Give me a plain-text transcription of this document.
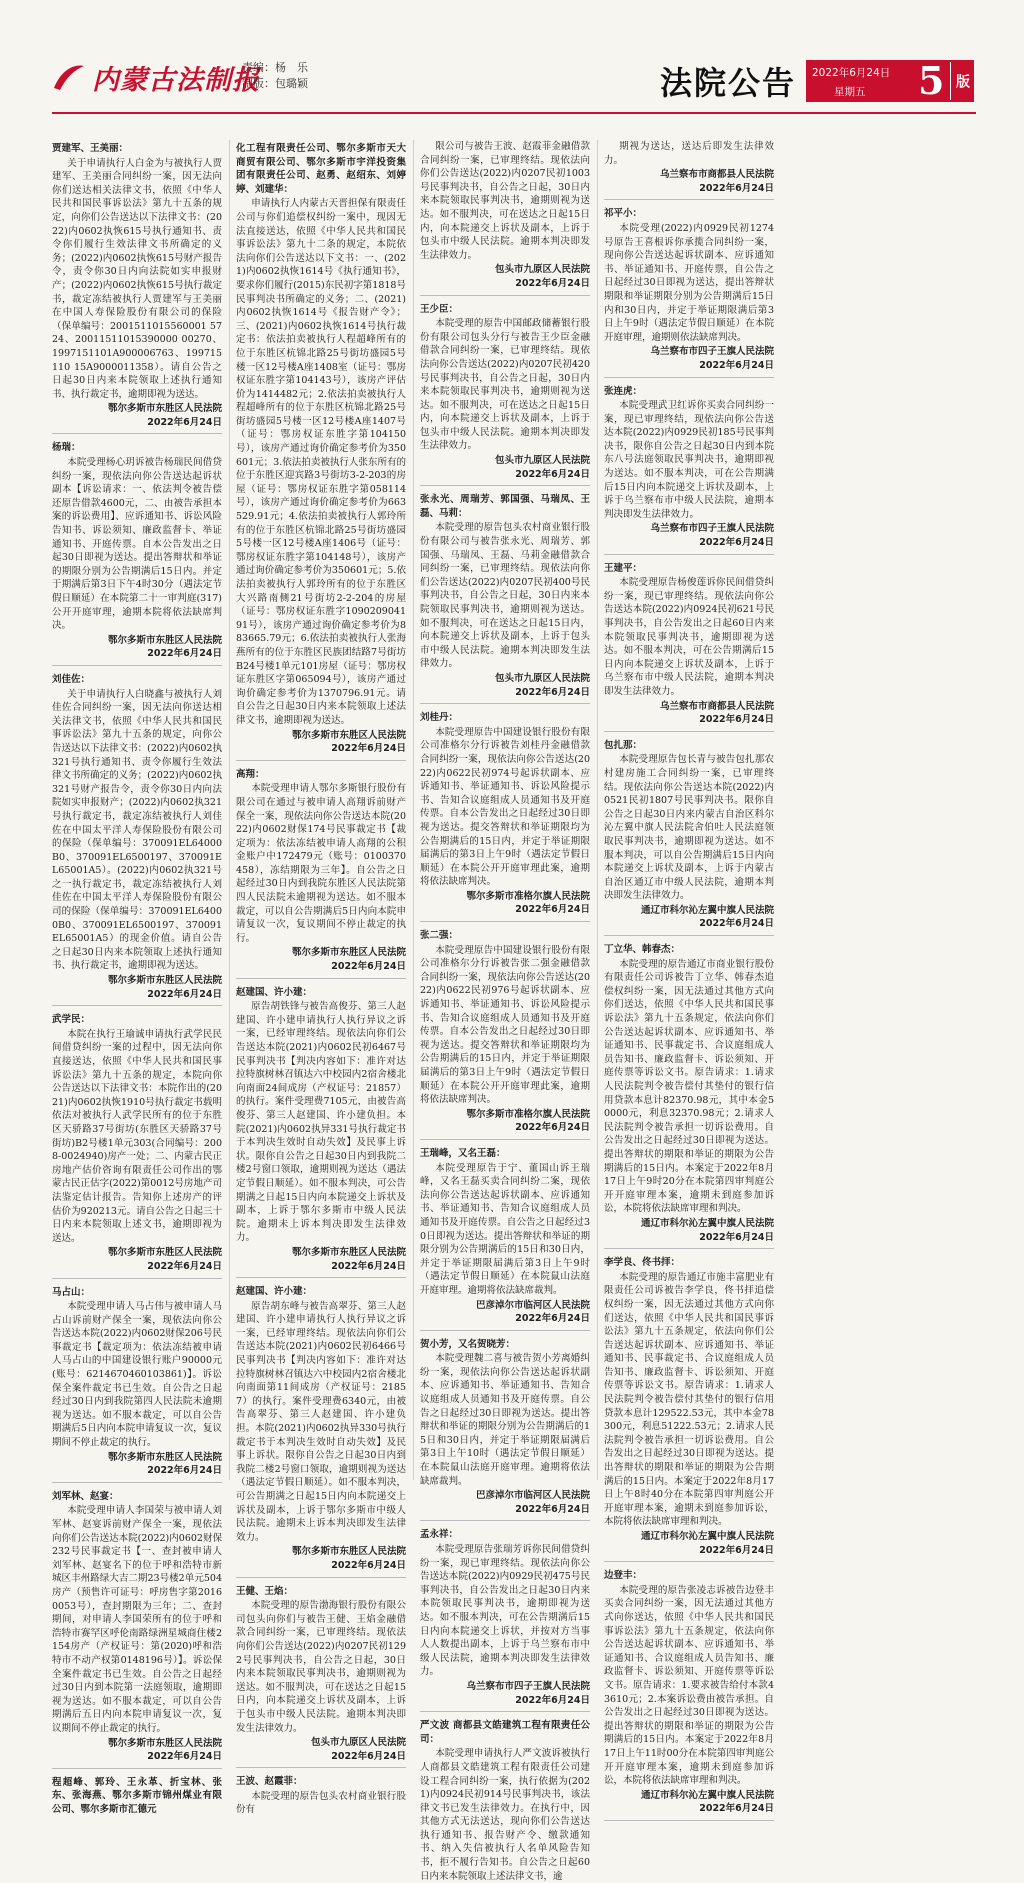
内蒙古法制报
责编：杨　乐
制版：包璐颖	法院公告 2022年6月24日
星期五 5 版

贾建军、王美丽：

关于申请执行人白金为与被执行人贾建军、王美丽合同纠纷一案，因无法向你们送达相关法律文书，依照《中华人民共和国民事诉讼法》第九十五条的规定，向你们公告送达以下法律文书：(2022)内0602执恢615号执行通知书、责令你们履行生效法律文书所确定的义务；(2022)内0602执恢615号财产报告令，责令你30日内向法院如实申报财产；(2022)内0602执恢615号执行裁定书，裁定冻结被执行人贾建军与王美丽在中国人寿保险股份有限公司的保险（保单编号：2001511015560001 5724、20011511015390000 00270、1997151101A900006763、199715110 15A9000011358）。请自公告之日起30日内来本院领取上述执行通知书、执行裁定书，逾期即视为送达。

鄂尔多斯市东胜区人民法院

2022年6月24日

杨瑞：

本院受理杨心玥诉被告杨瑞民间借贷纠纷一案，现依法向你公告送达起诉状副本【诉讼请求：一、依法判令被告偿还原告借款4600元，二、由被告承担本案的诉讼费用】、应诉通知书、诉讼风险告知书、诉讼须知、廉政监督卡、举证通知书、开庭传票。自本公告发出之日起30日即视为送达。提出答辩状和举证的期限分别为公告期满后15日内。并定于期满后第3日下午4时30分（遇法定节假日顺延）在本院第二十一审判庭(317)公开开庭审理，逾期本院将依法缺席判决。

鄂尔多斯市东胜区人民法院

2022年6月24日

刘佳佐：

关于申请执行人白晓鑫与被执行人刘佳佐合同纠纷一案，因无法向你送达相关法律文书，依照《中华人民共和国民事诉讼法》第九十五条的规定，向你公告送达以下法律文书：(2022)内0602执321号执行通知书、责令你履行生效法律文书所确定的义务；(2022)内0602执321号财产报告令，责令你30日内向法院如实申报财产；(2022)内0602执321号执行裁定书，裁定冻结被执行人刘佳佐在中国太平洋人寿保险股份有限公司的保险（保单编号：370091EL64000B0、370091EL6500197、370091EL65001A5）。(2022)内0602执321号之一执行裁定书，裁定冻结被执行人刘佳佐在中国太平洋人寿保险股份有限公司的保险（保单编号：370091EL64000B0、370091EL6500197、370091EL65001A5）的现金价值。请自公告之日起30日内来本院领取上述执行通知书、执行裁定书，逾期即视为送达。

鄂尔多斯市东胜区人民法院

2022年6月24日

武学民：

本院在执行王瑜诚申请执行武学民民间借贷纠纷一案的过程中，因无法向你直接送达，依照《中华人民共和国民事诉讼法》第九十五条的规定，本院向你公告送达以下法律文书：本院作出的(2021)内0602执恢1910号执行裁定书载明依法对被执行人武学民所有的位于东胜区天骄路37号街坊(东胜区天骄路37号街坊)B2号楼1单元303(合同编号：2008-0024940)房产一处；二、内蒙古民正房地产估价咨询有限责任公司作出的鄂蒙古民正估字(2022)第0012号房地产司法鉴定估计报告。告知你上述房产的评估价为920213元。请自公告之日起三十日内来本院领取上述文书，逾期即视为送达。

鄂尔多斯市东胜区人民法院

2022年6月24日

马占山：

本院受理申请人马占伟与被申请人马占山诉前财产保全一案，现依法向你公告送达本院(2022)内0602财保206号民事裁定书【裁定项为：依法冻结被申请人马占山的中国建设银行账户90000元(账号：6214670460103861)】。诉讼保全案件裁定书已生效。自公告之日起经过30日内到我院第四人民法院未逾期视为送达。如不服本裁定，可以自公告期满后5日内向本院申请复议一次，复议期间不停止裁定的执行。

鄂尔多斯市东胜区人民法院

2022年6月24日

刘军林、赵宴：

本院受理申请人李国荣与被申请人刘军林、赵宴诉前财产保全一案，现依法向你们公告送达本院(2022)内0602财保232号民事裁定书【一、查封被申请人刘军林、赵宴名下的位于呼和浩特市新城区丰州路绿大吉二期23号楼2单元504房产（预售许可证号：呼房售字第20160053号），查封期限为三年；二、查封期间，对申请人李国荣所有的位于呼和浩特市赛罕区呼伦南路绿洲星城商住楼2154房产（产权证号：第(2020)呼和浩特市不动产权第0148196号）】。诉讼保全案件裁定书已生效。自公告之日起经过30日内到本院第一法庭领取，逾期即视为送达。如不服本裁定，可以自公告期满后五日内向本院申请复议一次，复议期间不停止裁定的执行。

鄂尔多斯市东胜区人民法院

2022年6月24日

程超峰、郭玲、王永革、折宝林、张东、张海燕、鄂尔多斯市锦州煤业有限公司、鄂尔多斯市汇德元

化工程有限责任公司、鄂尔多斯市天大商贸有限公司、鄂尔多斯市宇洋投资集团有限责任公司、赵勇、赵绍东、刘婷婷、刘建华：

申请执行人内蒙古天晋担保有限责任公司与你们追偿权纠纷一案中，现因无法直接送达，依照《中华人民共和国民事诉讼法》第九十二条的规定，本院依法向你们公告送达以下文书：一、(2021)内0602执恢1614号《执行通知书》，要求你们履行(2015)东民初字第1818号民事判决书所确定的义务；二、(2021)内0602执恢1614号《报告财产令》；三、(2021)内0602执恢1614号执行裁定书：依法拍卖被执行人程超峰所有的位于东胜区杭锦北路25号街坊盛园5号楼一区12号楼A座1408室（证号：鄂房权证东胜字第104143号），该房产评估价为1414482元；2.依法拍卖被执行人程超峰所有的位于东胜区杭锦北路25号街坊盛园5号楼一区12号楼A座1407号（证号：鄂房权证东胜字第104150号），该房产通过询价确定参考价为350601元；3.依法拍卖被执行人张东所有的位于东胜区迎宾路3号街坊3-2-203的房屋（证号：鄂房权证东胜字第058114号），该房产通过询价确定参考价为663529.91元；4.依法拍卖被执行人郭玲所有的位于东胜区杭锦北路25号街坊盛园5号楼一区12号楼A座1406号（证号：鄂房权证东胜字第104148号），该房产通过询价确定参考价为350601元；5.依法拍卖被执行人郭玲所有的位于东胜区大兴路南侧21号街坊2-2-204的房屋（证号：鄂房权证东胜字109020904191号），该房产通过询价确定参考价为883665.79元；6.依法拍卖被执行人张海燕所有的位于东胜区民族团结路7号街坊B24号楼1单元101房屋（证号：鄂房权证东胜区字第065094号），该房产通过询价确定参考价为1370796.91元。请自公告之日起30日内来本院领取上述法律文书，逾期即视为送达。

鄂尔多斯市东胜区人民法院

2022年6月24日

高翔：

本院受理申请人鄂尔多斯银行股份有限公司在通过与被申请人高翔诉前财产保全一案，现依法向你公告送达本院(2022)内0602财保174号民事裁定书【裁定项为：依法冻结被申请人高翔的公积金账户中172479元（账号：0100370458），冻结期限为三年】。自公告之日起经过30日内到我院东胜区人民法院第四人民法院未逾期视为送达。如不服本裁定，可以自公告期满后5日内向本院申请复议一次，复议期间不停止裁定的执行。

鄂尔多斯市东胜区人民法院

2022年6月24日

赵建国、许小建：

原告胡铁锋与被告高俊芬、第三人赵建国、许小建申请执行人执行异议之诉一案，已经审理终结。现依法向你们公告送达本院(2021)内0602民初6467号民事判决书【判决内容如下：准许对达拉特旗树林召镇达六中校园内2宿舍楼北向南面24间成房（产权证号：21857）的执行。案件受理费7105元，由被告高俊芬、第三人赵建国、许小建负担。本院(2021)内0602执异331号执行裁定书于本判决生效时自动失效】及民事上诉状。限你自公告之日起30日内到我院二楼2号窗口领取，逾期则视为送达（遇法定节假日顺延）。如不服本判决，可公告期满之日起15日内向本院递交上诉状及副本，上诉于鄂尔多斯市中级人民法院。逾期未上诉本判决即发生法律效力。

鄂尔多斯市东胜区人民法院

2022年6月24日

赵建国、许小建：

原告胡东峰与被告高翠芬、第三人赵建国、许小建申请执行人执行异议之诉一案，已经审理终结。现依法向你们公告送达本院(2021)内0602民初6466号民事判决书【判决内容如下：准许对达拉特旗树林召镇达六中校园内2宿舍楼北向南面第11间成房（产权证号：21857）的执行。案件受理费6340元，由被告高翠芬、第三人赵建国、许小建负担。本院(2021)内0602执异330号执行裁定书于本判决生效时自动失效】及民事上诉状。限你自公告之日起30日内到我院二楼2号窗口领取，逾期则视为送达（遇法定节假日顺延）。如不服本判决，可公告期满之日起15日内向本院递交上诉状及副本，上诉于鄂尔多斯市中级人民法院。逾期未上诉本判决即发生法律效力。

鄂尔多斯市东胜区人民法院

2022年6月24日

王健、王焰：

本院受理的原告渤海银行股份有限公司包头向你们与被告王健、王焰金融借款合同纠纷一案，已审理终结。现依法向你们公告送达(2022)内0207民初1292号民事判决书，自公告之日起，30日内来本院领取民事判决书，逾期则视为送达。如不服判决，可在送达之日起15日内，向本院递交上诉状及副本，上诉于包头市中级人民法院。逾期本判决即发生法律效力。

包头市九原区人民法院

2022年6月24日

王波、赵霞菲：

本院受理的原告包头农村商业银行股份有

限公司与被告王波、赵霞菲金融借款合同纠纷一案，已审理终结。现依法向你们公告送达(2022)内0207民初1003号民事判决书，自公告之日起，30日内来本院领取民事判决书，逾期则视为送达。如不服判决，可在送达之日起15日内，向本院递交上诉状及副本，上诉于包头市中级人民法院。逾期本判决即发生法律效力。

包头市九原区人民法院

2022年6月24日

王少臣：

本院受理的原告中国邮政储蓄银行股份有限公司包头分行与被告王少臣金融借款合同纠纷一案，已审理终结。现依法向你公告送达(2022)内0207民初420号民事判决书，自公告之日起，30日内来本院领取民事判决书，逾期则视为送达。如不服判决，可在送达之日起15日内，向本院递交上诉状及副本，上诉于包头市中级人民法院。逾期本判决即发生法律效力。

包头市九原区人民法院

2022年6月24日

张永光、周瑞芳、郭国强、马瑞凤、王磊、马莉：

本院受理的原告包头农村商业银行股份有限公司与被告张永光、周瑞芳、郭国强、马瑞凤、王磊、马莉金融借款合同纠纷一案，已审理终结。现依法向你们公告送达(2022)内0207民初400号民事判决书，自公告之日起，30日内来本院领取民事判决书，逾期则视为送达。如不服判决，可在送达之日起15日内，向本院递交上诉状及副本，上诉于包头市中级人民法院。逾期本判决即发生法律效力。

包头市九原区人民法院

2022年6月24日

刘桂丹：

本院受理原告中国建设银行股份有限公司准格尔分行诉被告刘桂丹金融借款合同纠纷一案，现依法向你公告送达(2022)内0622民初974号起诉状副本、应诉通知书、举证通知书、诉讼风险提示书、告知合议庭组成人员通知书及开庭传票。自本公告发出之日起经过30日即视为送达。提交答辩状和举证期限均为公告期满后的15日内，并定于举证期限届满后的第3日上午9时（遇法定节假日顺延）在本院公开开庭审理此案，逾期将依法缺席判决。

鄂尔多斯市准格尔旗人民法院

2022年6月24日

张二强：

本院受理原告中国建设银行股份有限公司准格尔分行诉被告张二强金融借款合同纠纷一案，现依法向你公告送达(2022)内0622民初976号起诉状副本、应诉通知书、举证通知书、诉讼风险提示书、告知合议庭组成人员通知书及开庭传票。自本公告发出之日起经过30日即视为送达。提交答辩状和举证期限均为公告期满后的15日内，并定于举证期限届满后的第3日上午9时（遇法定节假日顺延）在本院公开开庭审理此案，逾期将依法缺席判决。

鄂尔多斯市准格尔旗人民法院

2022年6月24日

王瑞峰，又名王磊：

本院受理原告于宁、董国山诉王瑞峰，又名王磊买卖合同纠纷二案，现依法向你公告送达起诉状副本、应诉通知书、举证通知书、告知合议庭组成人员通知书及开庭传票。自公告之日起经过30日即视为送达。提出答辩状和举证的期限分别为公告期满后的15日和30日内，并定于举证期限届满后第3日上午9时（遇法定节假日顺延）在本院鼠山法庭开庭审理。逾期将依法缺席裁判。

巴彦淖尔市临河区人民法院

2022年6月24日

贺小芳，又名贺晓芳：

本院受理魏二喜与被告贺小芳离婚纠纷一案，现依法向你公告送达起诉状副本、应诉通知书、举证通知书、告知合议庭组成人员通知书及开庭传票。自公告之日起经过30日即视为送达。提出答辩状和举证的期限分别为公告期满后的15日和30日内，并定于举证期限届满后第3日上午10时（遇法定节假日顺延）在本院鼠山法庭开庭审理。逾期将依法缺席裁判。

巴彦淖尔市临河区人民法院

2022年6月24日

孟永祥：

本院受理原告张瑞芳诉你民间借贷纠纷一案，现已审理终结。现依法向你公告送达本院(2022)内0929民初475号民事判决书，自公告发出之日起30日内来本院领取民事判决书，逾期即视为送达。如不服本判决，可在公告期满后15日内向本院递交上诉状，并按对方当事人人数提出副本，上诉于乌兰察布市中级人民法院，逾期本判决即发生法律效力。

乌兰察布市四子王旗人民法院

2022年6月24日

严文波 商都县文皓建筑工程有限责任公司：

本院受理申请执行人严文波诉被执行人商都县文皓建筑工程有限责任公司建设工程合同纠纷一案，执行依据为(2021)内0924民初914号民事判决书，该法律文书已发生法律效力。在执行中，因其他方式无法送达，现向你们公告送达执行通知书、报告财产令、缴款通知书、纳入失信被执行人名单风险告知书，拒不履行告知书。自公告之日起60日内来本院领取上述法律文书，逾

期视为送达，送达后即发生法律效力。

乌兰察布市商都县人民法院

2022年6月24日

祁平小：

本院受理(2022)内0929民初1274号原告王喜根诉你承揽合同纠纷一案，现向你公告送达起诉状副本、应诉通知书、举证通知书、开庭传票，自公告之日起经过30日即视为送达，提出答辩状期限和举证期限分别为公告期满后15日内和30日内，并定于举证期限满后第3日上午9时（遇法定节假日顺延）在本院开庭审理，逾期则依法缺席判决。

乌兰察布市四子王旗人民法院

2022年6月24日

张连虎：

本院受理武卫红诉你买卖合同纠纷一案，现已审理终结，现依法向你公告送达本院(2022)内0929民初185号民事判决书，限你自公告之日起30日内到本院东八号法庭领取民事判决书，逾期即视为送达。如不服本判决，可在公告期满后15日内向本院递交上诉状及副本，上诉于乌兰察布市中级人民法院，逾期本判决即发生法律效力。

乌兰察布市四子王旗人民法院

2022年6月24日

王建平：

本院受理原告杨俊莲诉你民间借贷纠纷一案，现已审理终结。现依法向你公告送达本院(2022)内0924民初621号民事判决书，自公告发出之日起60日内来本院领取民事判决书，逾期即视为送达。如不服本判决，可在公告期满后15日内向本院递交上诉状及副本，上诉于乌兰察布市中级人民法院，逾期本判决即发生法律效力。

乌兰察布市商都县人民法院

2022年6月24日

包扎那：

本院受理原告包长青与被告包扎那农村建房施工合同纠纷一案，已审理终结。现依法向你公告送达本院(2022)内0521民初1807号民事判决书。限你自公告之日起30日内来内蒙古自治区科尔沁左翼中旗人民法院舍伯吐人民法庭领取民事判决书，逾期即视为送达。如不服本判决，可以自公告期满后15日内向本院递交上诉状及副本，上诉于内蒙古自治区通辽市中级人民法院，逾期本判决即发生法律效力。

通辽市科尔沁左翼中旗人民法院

2022年6月24日

丁立华、韩春杰：

本院受理的原告通辽市商业银行股份有限责任公司诉被告丁立华、韩春杰追偿权纠纷一案，因无法通过其他方式向你们送达，依照《中华人民共和国民事诉讼法》第九十五条规定，依法向你们公告送达起诉状副本、应诉通知书、举证通知书、民事裁定书、合议庭组成人员告知书、廉政监督卡、诉讼须知、开庭传票等诉讼文书。原告请求：1.请求人民法院判令被告偿付其垫付的银行信用贷款本息计82370.98元，其中本金50000元，利息32370.98元；2.请求人民法院判令被告承担一切诉讼费用。自公告发出之日起经过30日即视为送达。提出答辩状的期限和举证的期限为公告期满后的15日内。本案定于2022年8月17日上午9时20分在本院第四审判庭公开开庭审理本案，逾期未到庭参加诉讼，本院将依法缺席审理和判决。

通辽市科尔沁左翼中旗人民法院

2022年6月24日

李学良、佟书拝：

本院受理的原告通辽市施丰富肥业有限责任公司诉被告李学良，佟书拝追偿权纠纷一案，因无法通过其他方式向你们送达，依照《中华人民共和国民事诉讼法》第九十五条规定，依法向你们公告送达起诉状副本、应诉通知书、举证通知书、民事裁定书、合议庭组成人员告知书、廉政监督卡、诉讼须知、开庭传票等诉讼文书。原告请求：1.请求人民法院判令被告偿付其垫付的银行信用贷款本息计129522.53元，其中本金78300元，利息51222.53元；2.请求人民法院判令被告承担一切诉讼费用。自公告发出之日起经过30日即视为送达。提出答辩状的期限和举证的期限为公告期满后的15日内。本案定于2022年8月17日上午8时40分在本院第四审判庭公开开庭审理本案，逾期未到庭参加诉讼，本院将依法缺席审理和判决。

通辽市科尔沁左翼中旗人民法院

2022年6月24日

边登丰：

本院受理的原告张凌志诉被告边登丰买卖合同纠纷一案，因无法通过其他方式向你送达，依照《中华人民共和国民事诉讼法》第九十五条规定，依法向你公告送达起诉状副本、应诉通知书、举证通知书、合议庭组成人员告知书、廉政监督卡、诉讼须知、开庭传票等诉讼文书。原告请求：1.要求被告给付本款43610元；2.本案诉讼费由被告承担。自公告发出之日起经过30日即视为送达。提出答辩状的期限和举证的期限为公告期满后的15日内。本案定于2022年8月17日上午11时00分在本院第四审判庭公开开庭审理本案，逾期未到庭参加诉讼，本院将依法缺席审理和判决。

通辽市科尔沁左翼中旗人民法院

2022年6月24日
